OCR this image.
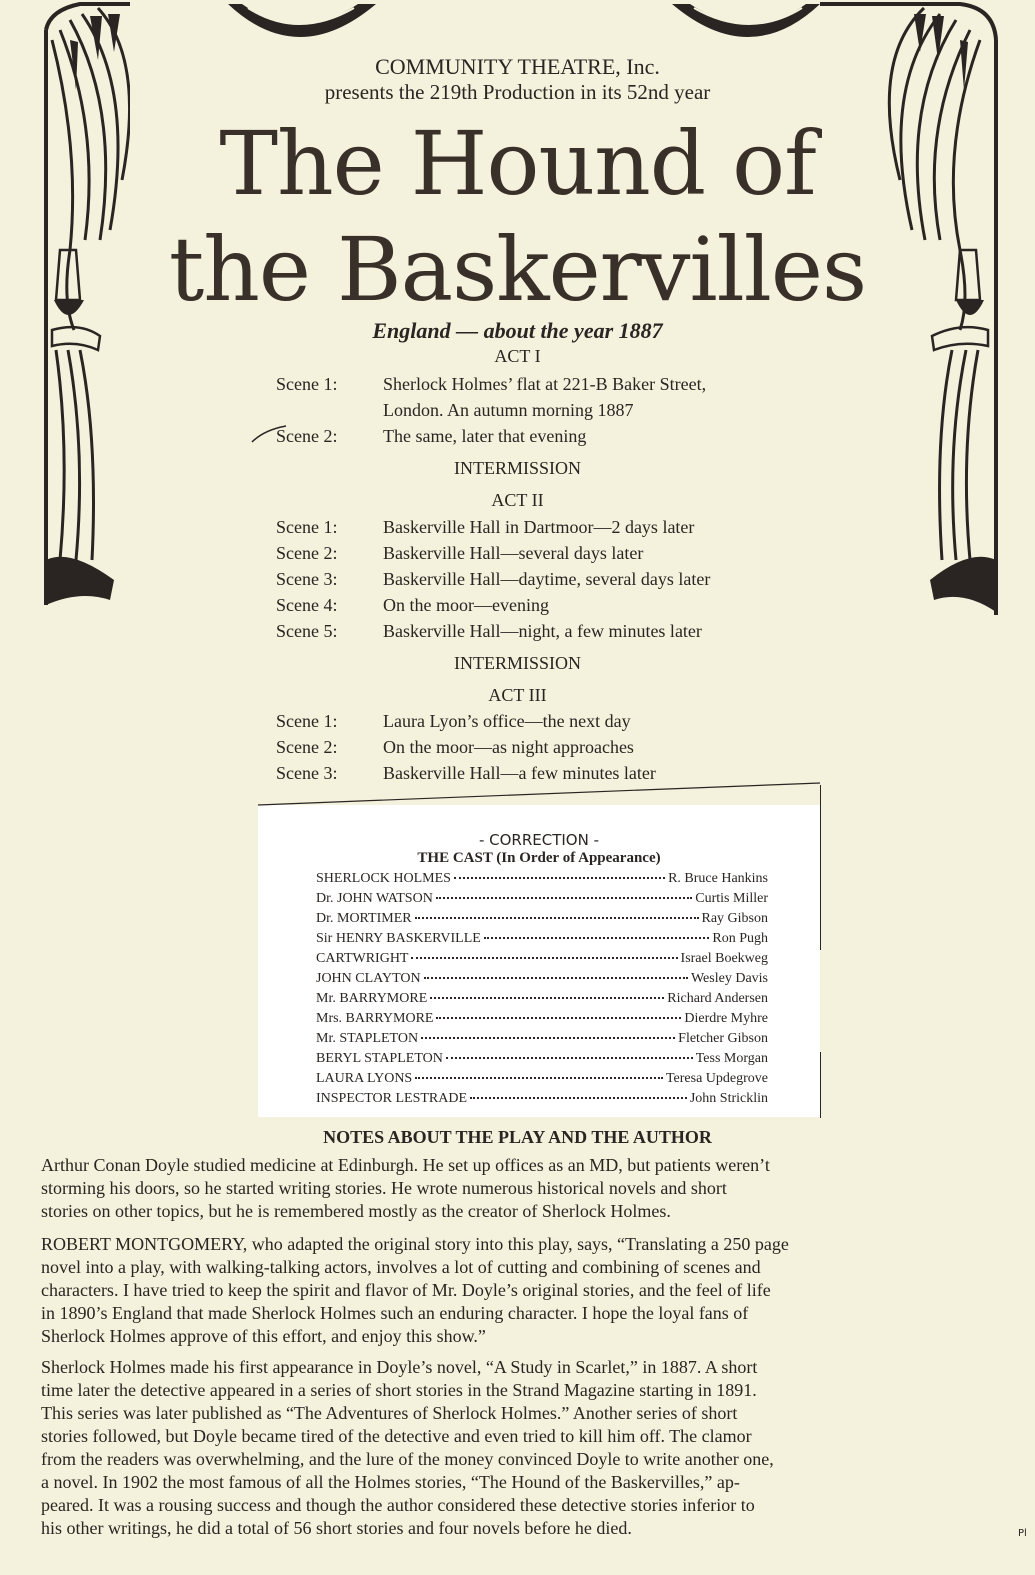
COMMUNITY THEATRE, Inc.
presents the 219th Production in its 52nd year
The Hound of
the Baskervilles
England — about the year 1887
ACT I
Scene 1:	Sherlock Holmes’ flat at 221-B Baker Street,
London. An autumn morning 1887
Scene 2:	The same, later that evening
INTERMISSION
ACT II
Scene 1:	Baskerville Hall in Dartmoor—2 days later
Scene 2:	Baskerville Hall—several days later
Scene 3:	Baskerville Hall—daytime, several days later
Scene 4:	On the moor—evening
Scene 5:	Baskerville Hall—night, a few minutes later
INTERMISSION
ACT III
Scene 1:	Laura Lyon’s office—the next day
Scene 2:	On the moor—as night approaches
Scene 3:	Baskerville Hall—a few minutes later
- CORRECTION -
THE CAST (In Order of Appearance)
SHERLOCK HOLMES	R. Bruce Hankins
Dr. JOHN WATSON	Curtis Miller
Dr. MORTIMER	Ray Gibson
Sir HENRY BASKERVILLE	Ron Pugh
CARTWRIGHT	Israel Boekweg
JOHN CLAYTON	Wesley Davis
Mr. BARRYMORE	Richard Andersen
Mrs. BARRYMORE	Dierdre Myhre
Mr. STAPLETON	Fletcher Gibson
BERYL STAPLETON	Tess Morgan
LAURA LYONS	Teresa Updegrove
INSPECTOR LESTRADE	John Stricklin
NOTES ABOUT THE PLAY AND THE AUTHOR
Arthur Conan Doyle studied medicine at Edinburgh. He set up offices as an MD, but patients weren’t
storming his doors, so he started writing stories. He wrote numerous historical novels and short
stories on other topics, but he is remembered mostly as the creator of Sherlock Holmes.
ROBERT MONTGOMERY, who adapted the original story into this play, says, “Translating a 250 page
novel into a play, with walking-talking actors, involves a lot of cutting and combining of scenes and
characters. I have tried to keep the spirit and flavor of Mr. Doyle’s original stories, and the feel of life
in 1890’s England that made Sherlock Holmes such an enduring character. I hope the loyal fans of
Sherlock Holmes approve of this effort, and enjoy this show.”
Sherlock Holmes made his first appearance in Doyle’s novel, “A Study in Scarlet,” in 1887. A short
time later the detective appeared in a series of short stories in the Strand Magazine starting in 1891.
This series was later published as “The Adventures of Sherlock Holmes.” Another series of short
stories followed, but Doyle became tired of the detective and even tried to kill him off. The clamor
from the readers was overwhelming, and the lure of the money convinced Doyle to write another one,
a novel. In 1902 the most famous of all the Holmes stories, “The Hound of the Baskervilles,” ap-
peared. It was a rousing success and though the author considered these detective stories inferior to
his other writings, he did a total of 56 short stories and four novels before he died.	Pl
